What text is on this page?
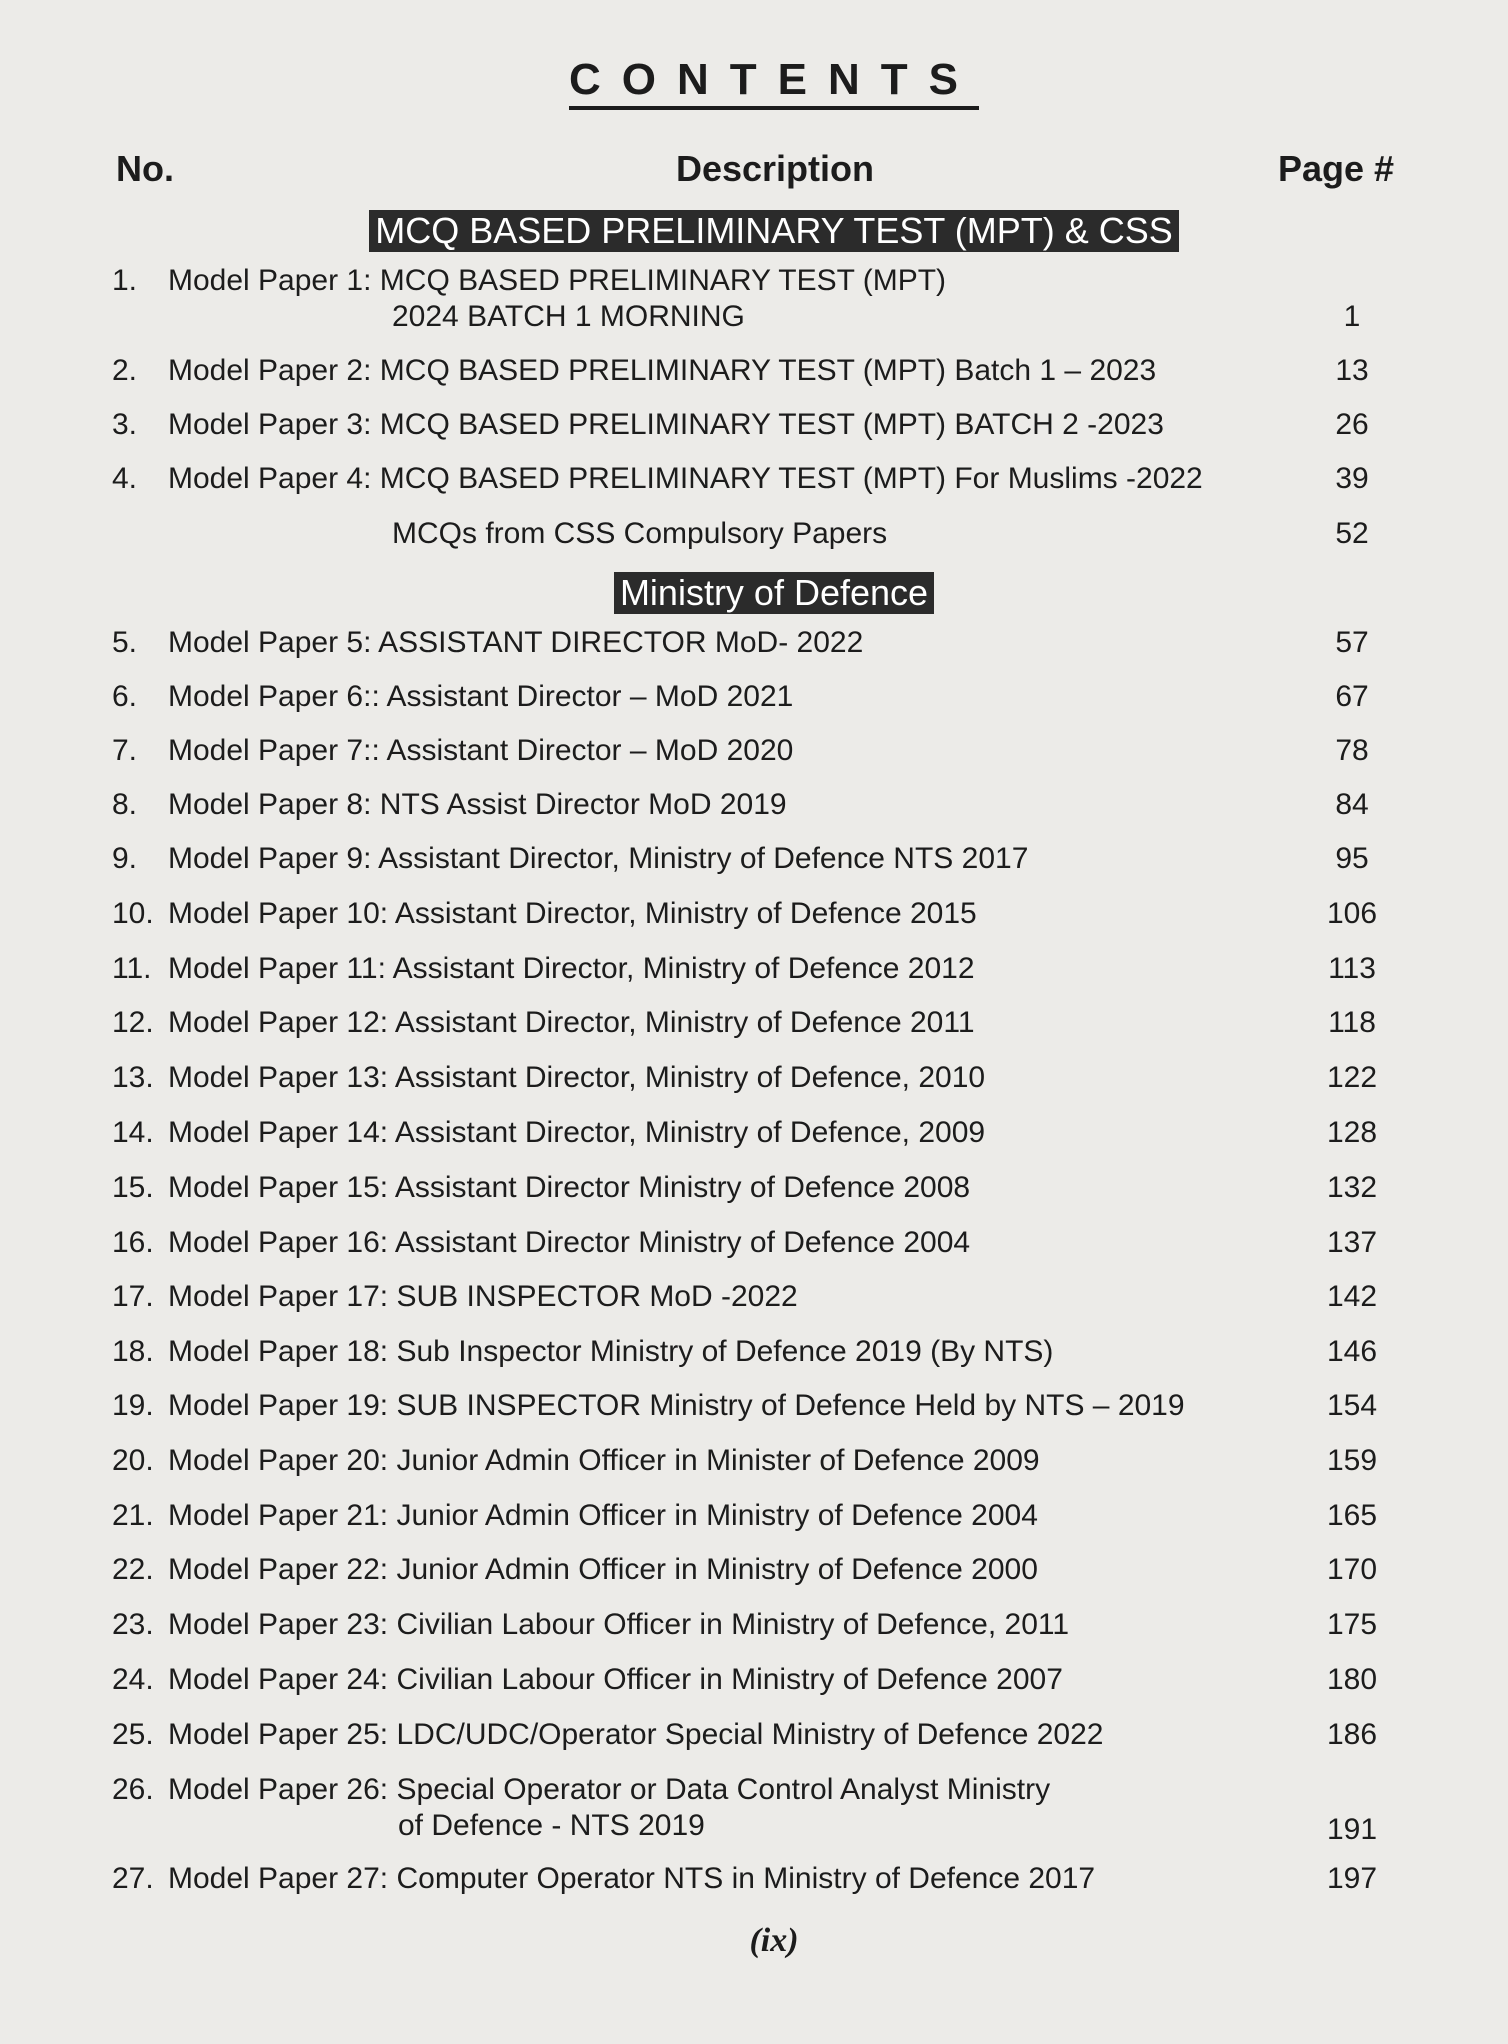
CONTENTS
No.	Description	Page #
MCQ BASED PRELIMINARY TEST (MPT) & CSS
1. Model Paper 1: MCQ BASED PRELIMINARY TEST (MPT)
2024 BATCH 1 MORNING	1
2. Model Paper 2: MCQ BASED PRELIMINARY TEST (MPT) Batch 1 – 2023	13
3. Model Paper 3: MCQ BASED PRELIMINARY TEST (MPT) BATCH 2 -2023	26
4. Model Paper 4: MCQ BASED PRELIMINARY TEST (MPT) For Muslims -2022	39
MCQs from CSS Compulsory Papers	52
Ministry of Defence
5. Model Paper 5: ASSISTANT DIRECTOR MoD- 2022	57
6. Model Paper 6:: Assistant Director – MoD 2021	67
7. Model Paper 7:: Assistant Director – MoD 2020	78
8. Model Paper 8: NTS Assist Director MoD 2019	84
9. Model Paper 9: Assistant Director, Ministry of Defence NTS 2017	95
10. Model Paper 10: Assistant Director, Ministry of Defence 2015	106
11. Model Paper 11: Assistant Director, Ministry of Defence 2012	113
12. Model Paper 12: Assistant Director, Ministry of Defence 2011	118
13. Model Paper 13: Assistant Director, Ministry of Defence, 2010	122
14. Model Paper 14: Assistant Director, Ministry of Defence, 2009	128
15. Model Paper 15: Assistant Director Ministry of Defence 2008	132
16. Model Paper 16: Assistant Director Ministry of Defence 2004	137
17. Model Paper 17: SUB INSPECTOR MoD -2022	142
18. Model Paper 18: Sub Inspector Ministry of Defence 2019 (By NTS)	146
19. Model Paper 19: SUB INSPECTOR Ministry of Defence Held by NTS – 2019	154
20. Model Paper 20: Junior Admin Officer in Minister of Defence 2009	159
21. Model Paper 21: Junior Admin Officer in Ministry of Defence 2004	165
22. Model Paper 22: Junior Admin Officer in Ministry of Defence 2000	170
23. Model Paper 23: Civilian Labour Officer in Ministry of Defence, 2011	175
24. Model Paper 24: Civilian Labour Officer in Ministry of Defence 2007	180
25. Model Paper 25: LDC/UDC/Operator Special Ministry of Defence 2022	186
26. Model Paper 26: Special Operator or Data Control Analyst Ministry
of Defence - NTS 2019	191
27. Model Paper 27: Computer Operator NTS in Ministry of Defence 2017	197
(ix)
